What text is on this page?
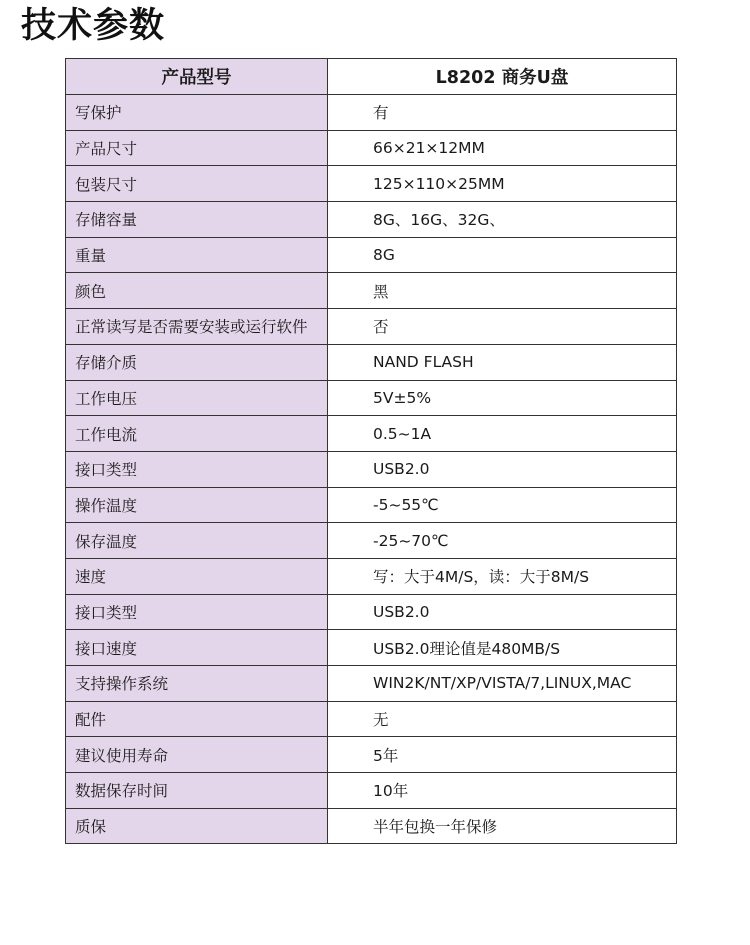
技术参数
产品型号	L8202 商务U盘
写保护	有
产品尺寸	66×21×12MM
包装尺寸	125×110×25MM
存储容量	8G、16G、32G、
重量	8G
颜色	黑
正常读写是否需要安装或运行软件	否
存储介质	NAND FLASH
工作电压	5V±5%
工作电流	0.5~1A
接口类型	USB2.0
操作温度	-5~55℃
保存温度	-25~70℃
速度	写：大于4M/S，读：大于8M/S
接口类型	USB2.0
接口速度	USB2.0理论值是480MB/S
支持操作系统	WIN2K/NT/XP/VISTA/7,LINUX,MAC
配件	无
建议使用寿命	5年
数据保存时间	10年
质保	半年包换一年保修
